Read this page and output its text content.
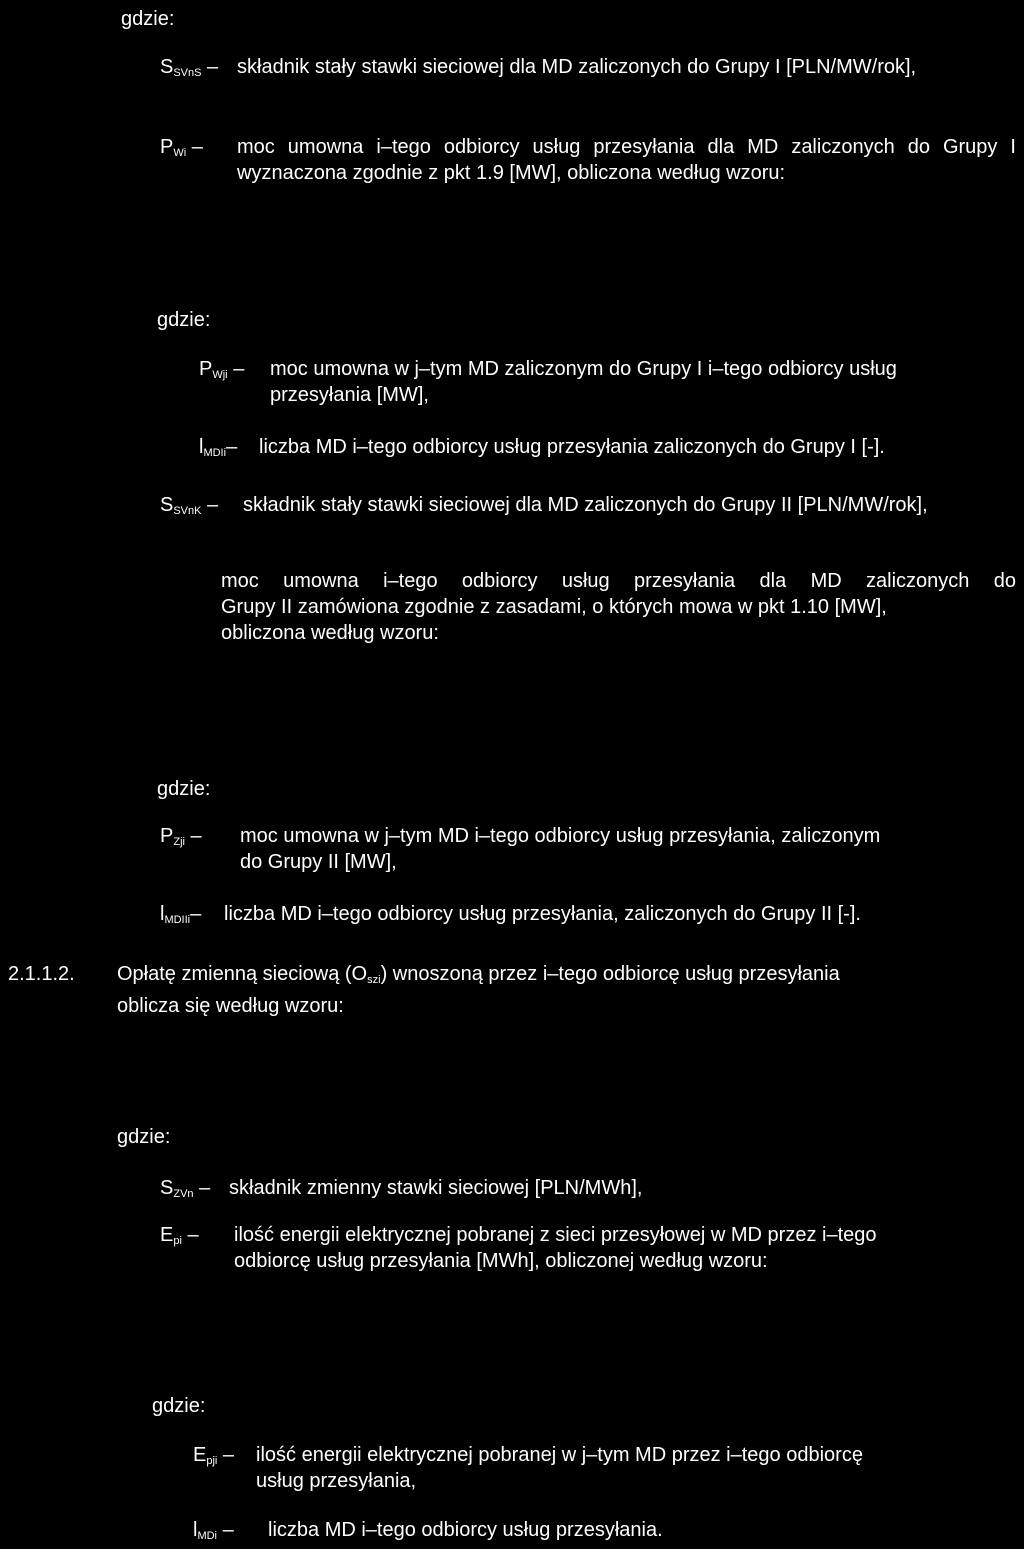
gdzie:
$S_{SVnS}$ – składnik stały stawki sieciowej dla MD zaliczonych do Grupy I [PLN/MW/rok],
$P_{Wi}$ – moc umowna i–tego odbiorcy usług przesyłania dla MD zaliczonych do Grupy I wyznaczona zgodnie z pkt 1.9 [MW], obliczona według wzoru:
gdzie:
$P_{Wji}$ – moc umowna w j–tym MD zaliczonym do Grupy I i–tego odbiorcy usług
przesyłania [MW],
$l_{MDIi}-$ liczba MD i–tego odbiorcy usług przesyłania zaliczonych do Grupy I [-].
$S_{SVnK}$ – składnik stały stawki sieciowej dla MD zaliczonych do Grupy II [PLN/MW/rok],
moc umowna i–tego odbiorcy usług przesyłania dla MD zaliczonych do
Grupy II zamówiona zgodnie z zasadami, o których mowa w pkt 1.10 [MW],
obliczona według wzoru:
gdzie:
$P_{Zji}$ – moc umowna w j–tym MD i–tego odbiorcy usług przesyłania, zaliczonym
do Grupy II [MW],
$l_{MDIIi}-$ liczba MD i–tego odbiorcy usług przesyłania, zaliczonych do Grupy II [-].
2.1.1.2. Opłatę zmienną sieciową $(O_{szi})$ wnoszoną przez i–tego odbiorcę usług przesyłania
oblicza się według wzoru:
gdzie:
$S_{ZVn}$ – składnik zmienny stawki sieciowej [PLN/MWh],
$E_{pi}$ – ilość energii elektrycznej pobranej z sieci przesyłowej w MD przez i–tego
odbiorcę usług przesyłania [MWh], obliczonej według wzoru:
gdzie:
$E_{pji}$ – ilość energii elektrycznej pobranej w j–tym MD przez i–tego odbiorcę
usług przesyłania,
$l_{MDi}$ – liczba MD i–tego odbiorcy usług przesyłania.
